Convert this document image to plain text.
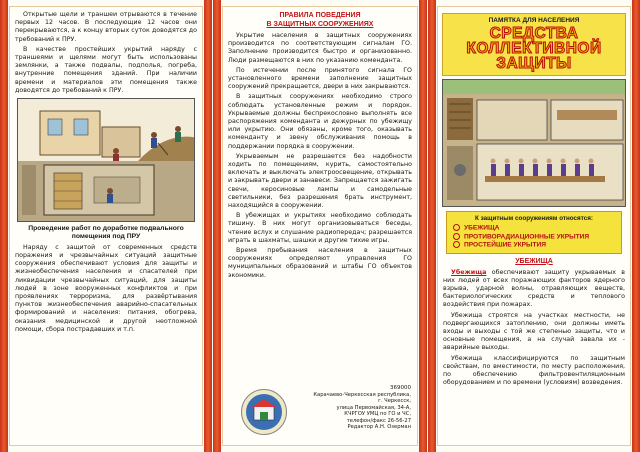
Открытые щели и траншеи отрываются в течение первых 12 часов. В последующие 12 часов они перекрываются, а к концу вторых суток доводятся до требований к ПРУ.

В качестве простейших укрытий наряду с траншеями и щелями могут быть использованы землянки, а также подвалы, подполья, погреба, внутренние помещения зданий. При наличии времени и материалов эти помещения также доводятся до требований к ПРУ.

Проведение работ по доработке подвального помещения под ПРУ

Наряду с защитой от современных средств поражения и чрезвычайных ситуаций защитные сооружения обеспечивают условия для защиты и жизнеобеспечения населения и спасателей при ликвидации чрезвычайных ситуаций, для защиты людей в зоне вооруженных конфликтов и при проявлениях терроризма, для развёртывания пунктов жизнеобеспечения аварийно-спасательных формирований и населения: питания, обогрева, оказания медицинской и другой неотложной помощи, сбора пострадавших и т.п.

ПРАВИЛА ПОВЕДЕНИЯ
В ЗАЩИТНЫХ СООРУЖЕНИЯХ

Укрытие населения в защитных сооружениях производится по соответствующим сигналам ГО. Заполнение производится быстро и организованно. Люди размещаются в них по указанию коменданта.

По истечении после принятого сигнала ГО установленного времени заполнение защитных сооружений прекращается, двери в них закрываются.

В защитных сооружениях необходимо строго соблюдать установленные режим и порядок. Укрываемые должны беспрекословно выполнять все распоряжения коменданта и дежурных по убежищу или укрытию. Они обязаны, кроме того, оказывать коменданту и звену обслуживания помощь в поддержании порядка в сооружении.

Укрываемым не разрешается без надобности ходить по помещениям, курить, самостоятельно включать и выключать электроосвещение, открывать и закрывать двери и занавеси. Запрещается зажигать свечи, керосиновые лампы и самодельные светильники, без разрешения брать инструмент, находящийся в сооружении.

В убежищах и укрытиях необходимо соблюдать тишину. В них могут организовываться беседы, чтение вслух и слушание радиопередач; разрешается играть в шахматы, шашки и другие тихие игры.

Время пребывания населения в защитных сооружениях определяют управления ГО муниципальных образований и штабы ГО объектов экономики.

369000
Карачаево-Черкесская республика,
г. Черкесск,
улица Первомайская, 34-А,
КЧРГОУ УМЦ по ГО и ЧС,
телефон/факс 26-56-27
Редактор А.Н. Озерман
ПАМЯТКА ДЛЯ НАСЕЛЕНИЯ
СРЕДСТВА
КОЛЛЕКТИВНОЙ
ЗАЩИТЫ
К защитным сооружениям относятся:
УБЕЖИЩА
ПРОТИВОРАДИАЦИОННЫЕ УКРЫТИЯ
ПРОСТЕЙШИЕ УКРЫТИЯ
УБЕЖИЩА

Убежища обеспечивают защиту укрываемых в них людей от всех поражающих факторов ядерного взрыва, ударной волны, отравляющих веществ, бактериологических средств и теплового воздействия при пожарах.

Убежища строятся на участках местности, не подвергающихся затоплению, они должны иметь входы и выходы с той же степенью защиты, что и основные помещения, а на случай завала их - аварийные выходы.

Убежища классифицируются по защитным свойствам, по вместимости, по месту расположения, по обеспечению фильтровентиляционным оборудованием и по времени (условиям) возведения.
